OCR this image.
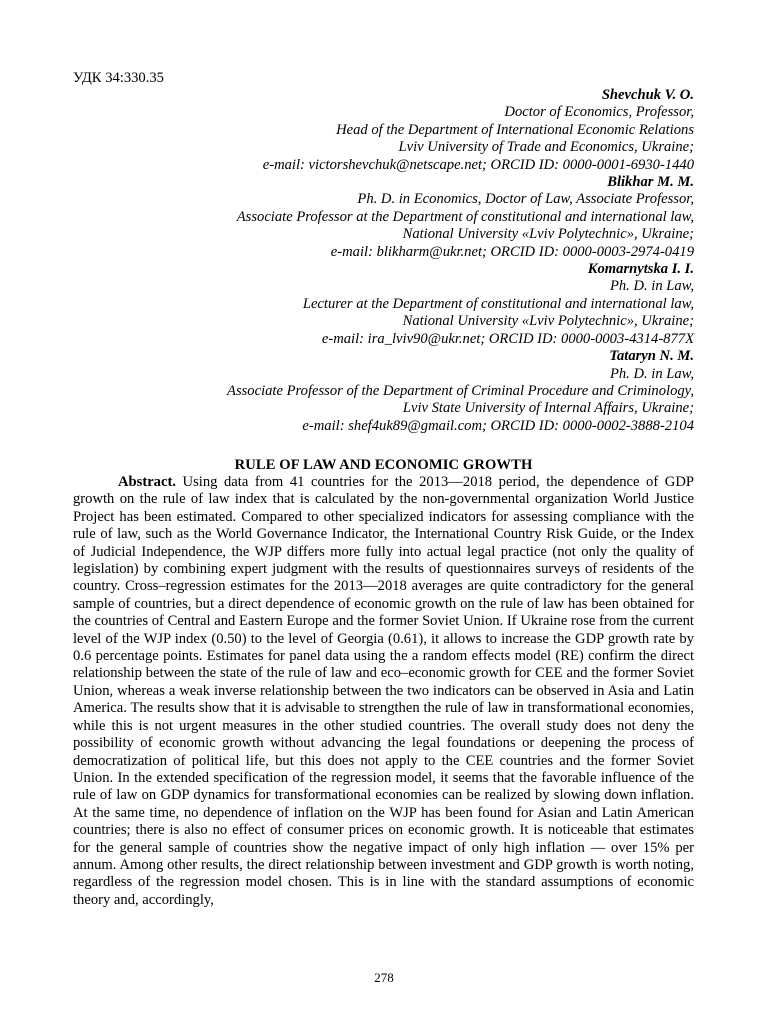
УДК 34:330.35
Shevchuk V. O.
Doctor of Economics, Professor,
Head of the Department of International Economic Relations
Lviv University of Trade and Economics, Ukraine;
e-mail: victorshevchuk@netscape.net; ORCID ID: 0000-0001-6930-1440
Blikhar M. M.
Ph. D. in Economics, Doctor of Law, Associate Professor,
Associate Professor at the Department of constitutional and international law,
National University «Lviv Polytechnic», Ukraine;
e-mail: blikharm@ukr.net; ORCID ID: 0000-0003-2974-0419
Komarnytska I. I.
Ph. D. in Law,
Lecturer at the Department of constitutional and international law,
National University «Lviv Polytechnic», Ukraine;
e-mail: ira_lviv90@ukr.net; ORCID ID: 0000-0003-4314-877X
Tataryn N. M.
Ph. D. in Law,
Associate Professor of the Department of Criminal Procedure and Criminology,
Lviv State University of Internal Affairs, Ukraine;
e-mail: shef4uk89@gmail.com; ORCID ID: 0000-0002-3888-2104
RULE OF LAW AND ECONOMIC GROWTH

Abstract. Using data from 41 countries for the 2013—2018 period, the dependence of GDP growth on the rule of law index that is calculated by the non-governmental organization World Justice Project has been estimated. Compared to other specialized indicators for assessing compliance with the rule of law, such as the World Governance Indicator, the International Country Risk Guide, or the Index of Judicial Independence, the WJP differs more fully into actual legal practice (not only the quality of legislation) by combining expert judgment with the results of questionnaires surveys of residents of the country. Cross–regression estimates for the 2013—2018 averages are quite contradictory for the general sample of countries, but a direct dependence of economic growth on the rule of law has been obtained for the countries of Central and Eastern Europe and the former Soviet Union. If Ukraine rose from the current level of the WJP index (0.50) to the level of Georgia (0.61), it allows to increase the GDP growth rate by 0.6 percentage points. Estimates for panel data using the a random effects model (RE) confirm the direct relationship between the state of the rule of law and eco–economic growth for CEE and the former Soviet Union, whereas a weak inverse relationship between the two indicators can be observed in Asia and Latin America. The results show that it is advisable to strengthen the rule of law in transformational economies, while this is not urgent measures in the other studied countries. The overall study does not deny the possibility of economic growth without advancing the legal foundations or deepening the process of democratization of political life, but this does not apply to the CEE countries and the former Soviet Union. In the extended specification of the regression model, it seems that the favorable influence of the rule of law on GDP dynamics for transformational economies can be realized by slowing down inflation. At the same time, no dependence of inflation on the WJP has been found for Asian and Latin American countries; there is also no effect of consumer prices on economic growth. It is noticeable that estimates for the general sample of countries show the negative impact of only high inflation — over 15% per annum. Among other results, the direct relationship between investment and GDP growth is worth noting, regardless of the regression model chosen. This is in line with the standard assumptions of economic theory and, accordingly,

278
